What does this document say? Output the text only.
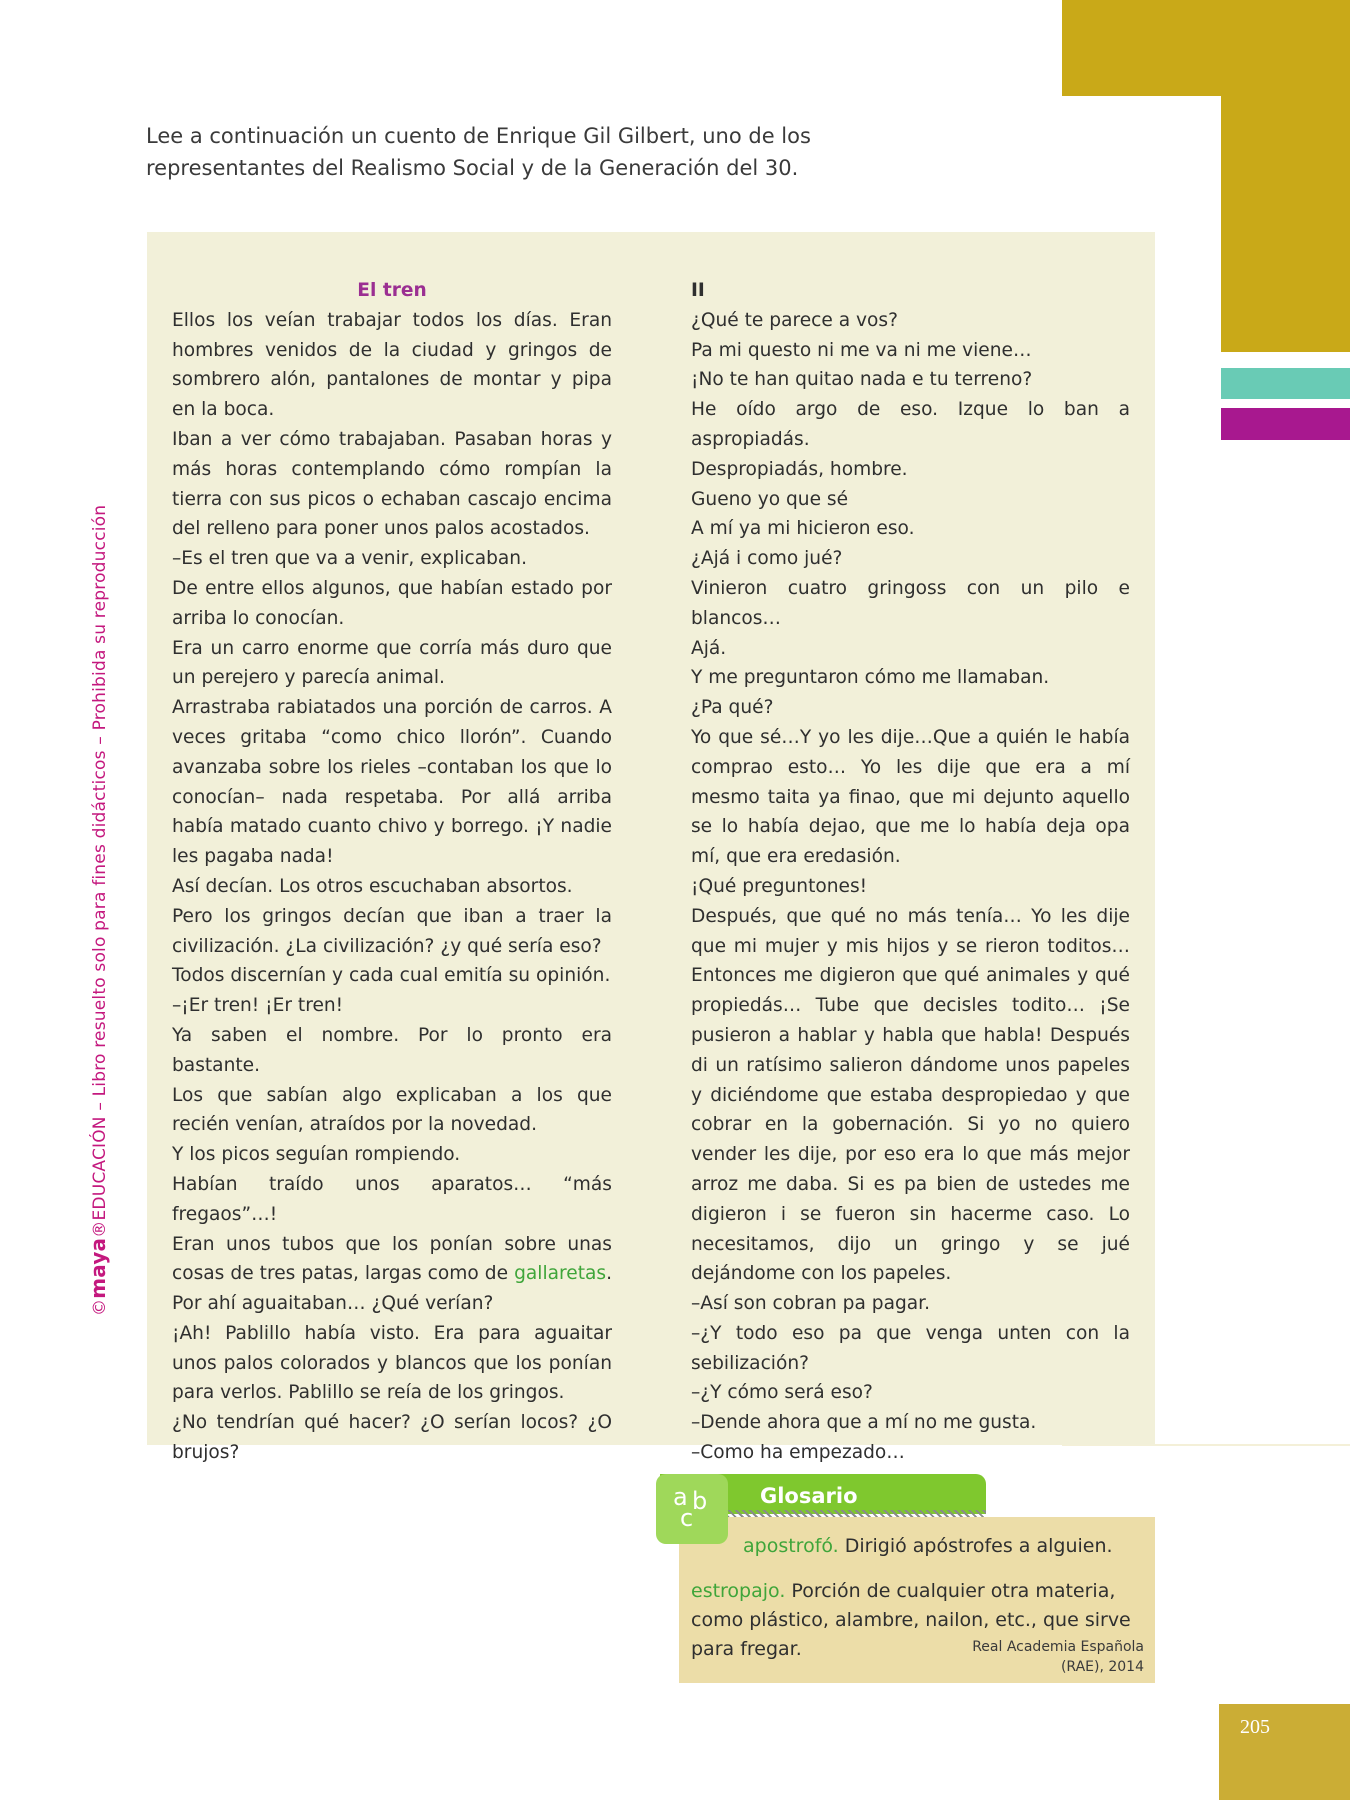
©maya®EDUCACIÓN – Libro resuelto solo para fines didácticos – Prohibida su reproducción

Lee a continuación un cuento de Enrique Gil Gilbert, uno de los representantes del Realismo Social y de la Generación del 30.

El tren

Ellos los veían trabajar todos los días. Eran hombres venidos de la ciudad y gringos de sombrero alón, pantalones de montar y pipa en la boca.

Iban a ver cómo trabajaban. Pasaban horas y más horas contemplando cómo rompían la tierra con sus picos o echaban cascajo encima del relleno para poner unos palos acostados.

–Es el tren que va a venir, explicaban.

De entre ellos algunos, que habían estado por arriba lo conocían.

Era un carro enorme que corría más duro que un perejero y parecía animal.

Arrastraba rabiatados una porción de carros. A veces gritaba “como chico llorón”. Cuando avanzaba sobre los rieles –contaban los que lo conocían– nada respetaba. Por allá arriba había matado cuanto chivo y borrego. ¡Y nadie les pagaba nada!

Así decían. Los otros escuchaban absortos.

Pero los gringos decían que iban a traer la civilización. ¿La civilización? ¿y qué sería eso?

Todos discernían y cada cual emitía su opinión.

–¡Er tren! ¡Er tren!

Ya saben el nombre. Por lo pronto era bastante.

Los que sabían algo explicaban a los que recién venían, atraídos por la novedad.

Y los picos seguían rompiendo.

Habían traído unos aparatos… “más fregaos”…!

Eran unos tubos que los ponían sobre unas cosas de tres patas, largas como de gallaretas. Por ahí aguaitaban… ¿Qué verían?

¡Ah! Pablillo había visto. Era para aguaitar unos palos colorados y blancos que los ponían para verlos. Pablillo se reía de los gringos.

¿No tendrían qué hacer? ¿O serían locos? ¿O brujos?

II

¿Qué te parece a vos?

Pa mi questo ni me va ni me viene…

¡No te han quitao nada e tu terreno?

He oído argo de eso. Izque lo ban a aspropiadás.

Despropiadás, hombre.

Gueno yo que sé

A mí ya mi hicieron eso.

¿Ajá i como jué?

Vinieron cuatro gringoss con un pilo e blancos…

Ajá.

Y me preguntaron cómo me llamaban.

¿Pa qué?

Yo que sé…Y yo les dije…Que a quién le había comprao esto… Yo les dije que era a mí mesmo taita ya finao, que mi dejunto aquello se lo había dejao, que me lo había deja opa mí, que era eredasión.

¡Qué preguntones!

Después, que qué no más tenía… Yo les dije que mi mujer y mis hijos y se rieron toditos…Entonces me digieron que qué animales y qué propiedás… Tube que decisles todito… ¡Se pusieron a hablar y habla que habla! Después di un ratísimo salieron dándome unos papeles y diciéndome que estaba despropiedao y que cobrar en la gobernación. Si yo no quiero vender les dije, por eso era lo que más mejor arroz me daba. Si es pa bien de ustedes me digieron i se fueron sin hacerme caso. Lo necesitamos, dijo un gringo y se jué dejándome con los papeles.

–Así son cobran pa pagar.

–¿Y todo eso pa que venga unten con la sebilización?

–¿Y cómo será eso?

–Dende ahora que a mí no me gusta.

–Como ha empezado…

a b
c
Glosario

apostrofó. Dirigió apóstrofes a alguien.

estropajo. Porción de cualquier otra materia, como plástico, alambre, nailon, etc., que sirve para fregar.	Real Academia Española
(RAE), 2014
205
